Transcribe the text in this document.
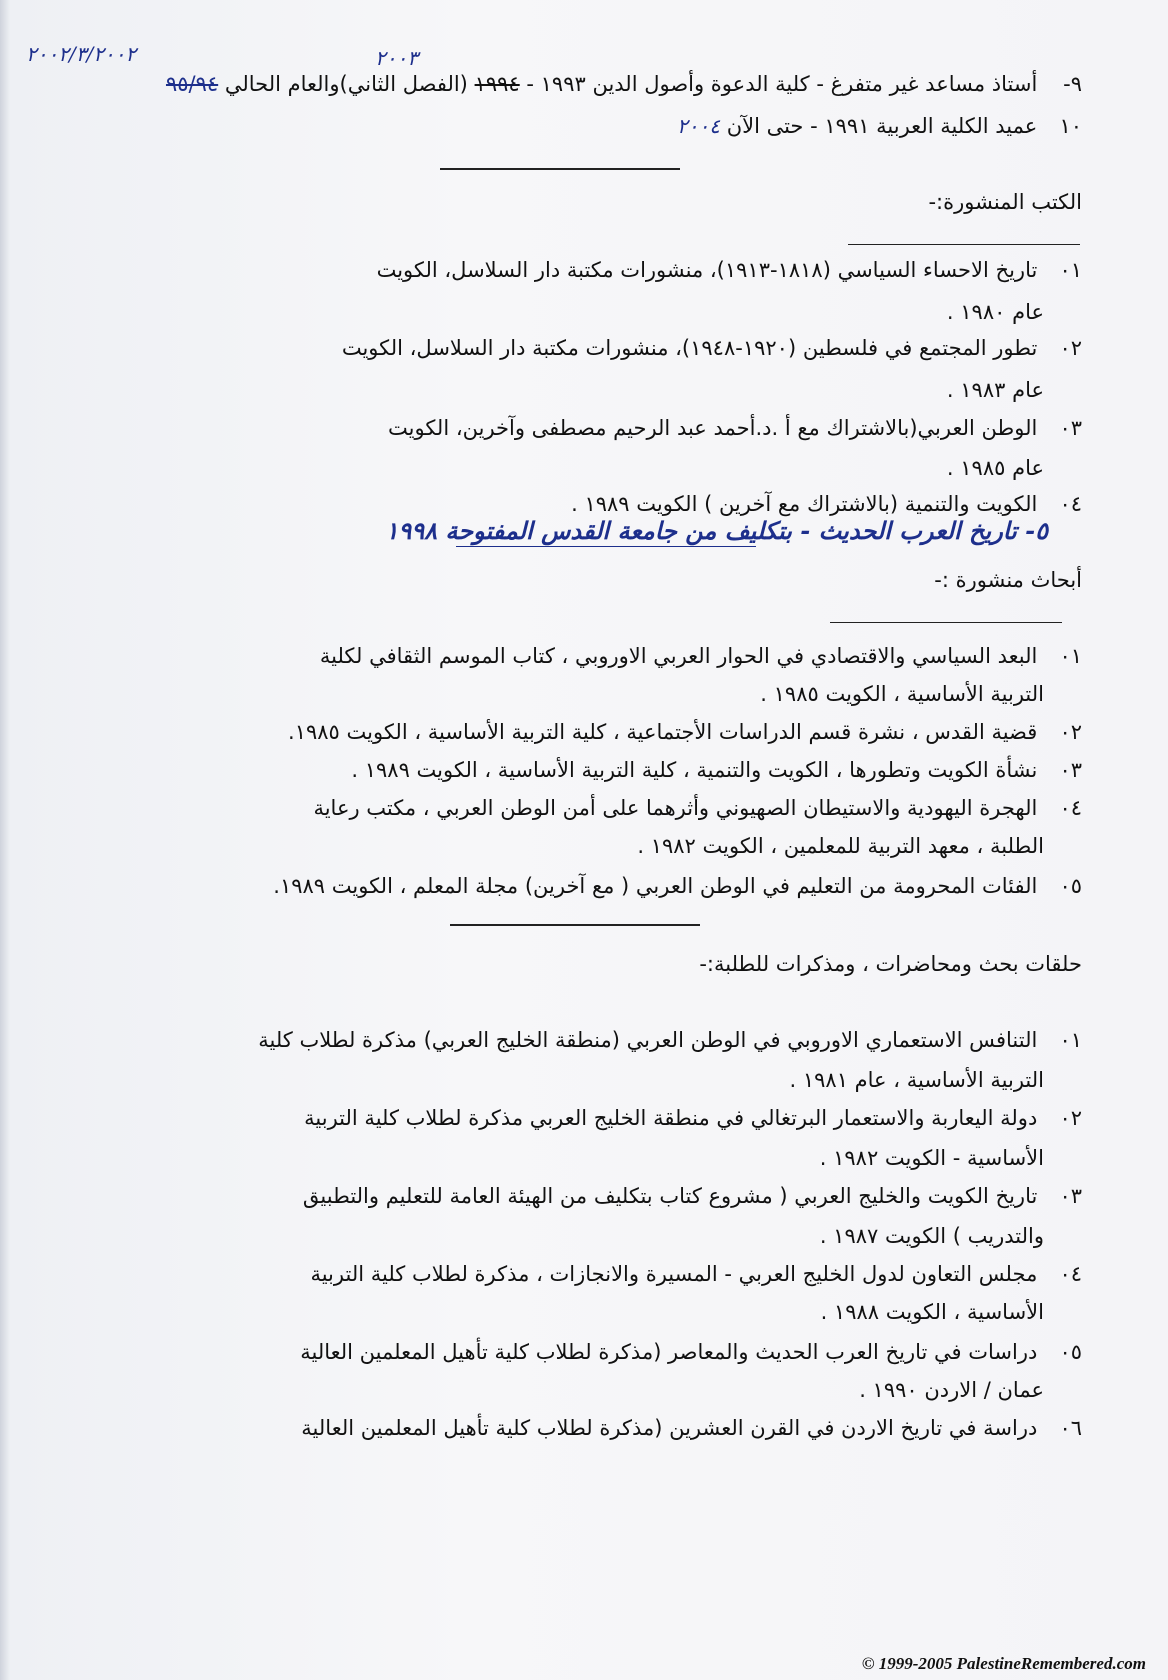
٢٠٠٢/٣/٢٠٠٢
٩- أستاذ مساعد غير متفرغ - كلية الدعوة وأصول الدين ١٩٩٣ - ١٩٩٤ (الفصل الثاني)والعام الحالي ٩٥/٩٤
٢٠٠٣
١٠ عميد الكلية العربية ١٩٩١ - حتى الآن ٢٠٠٤
الكتب المنشورة:-
٠١ تاريخ الاحساء السياسي (١٨١٨-١٩١٣)، منشورات مكتبة دار السلاسل، الكويت
عام ١٩٨٠ .
٠٢ تطور المجتمع في فلسطين (١٩٢٠-١٩٤٨)، منشورات مكتبة دار السلاسل، الكويت
عام ١٩٨٣ .
٠٣ الوطن العربي(بالاشتراك مع أ .د.أحمد عبد الرحيم مصطفى وآخرين، الكويت
عام ١٩٨٥ .
٠٤ الكويت والتنمية (بالاشتراك مع آخرين ) الكويت ١٩٨٩ .
٥- تاريخ العرب الحديث - بتكليف من جامعة القدس المفتوحة ١٩٩٨
أبحاث منشورة :-
٠١ البعد السياسي والاقتصادي في الحوار العربي الاوروبي ، كتاب الموسم الثقافي لكلية
التربية الأساسية ، الكويت ١٩٨٥ .
٠٢ قضية القدس ، نشرة قسم الدراسات الأجتماعية ، كلية التربية الأساسية ، الكويت ١٩٨٥.
٠٣ نشأة الكويت وتطورها ، الكويت والتنمية ، كلية التربية الأساسية ، الكويت ١٩٨٩ .
٠٤ الهجرة اليهودية والاستيطان الصهيوني وأثرهما على أمن الوطن العربي ، مكتب رعاية
الطلبة ، معهد التربية للمعلمين ، الكويت ١٩٨٢ .
٠٥ الفئات المحرومة من التعليم في الوطن العربي ( مع آخرين) مجلة المعلم ، الكويت ١٩٨٩.
حلقات بحث ومحاضرات ، ومذكرات للطلبة:-
٠١ التنافس الاستعماري الاوروبي في الوطن العربي (منطقة الخليج العربي) مذكرة لطلاب كلية
التربية الأساسية ، عام ١٩٨١ .
٠٢ دولة اليعاربة والاستعمار البرتغالي في منطقة الخليج العربي مذكرة لطلاب كلية التربية
الأساسية - الكويت ١٩٨٢ .
٠٣ تاريخ الكويت والخليج العربي ( مشروع كتاب بتكليف من الهيئة العامة للتعليم والتطبيق
والتدريب ) الكويت ١٩٨٧ .
٠٤ مجلس التعاون لدول الخليج العربي - المسيرة والانجازات ، مذكرة لطلاب كلية التربية
الأساسية ، الكويت ١٩٨٨ .
٠٥ دراسات في تاريخ العرب الحديث والمعاصر (مذكرة لطلاب كلية تأهيل المعلمين العالية
عمان / الاردن ١٩٩٠ .
٠٦ دراسة في تاريخ الاردن في القرن العشرين (مذكرة لطلاب كلية تأهيل المعلمين العالية
© 1999-2005 PalestineRemembered.com
